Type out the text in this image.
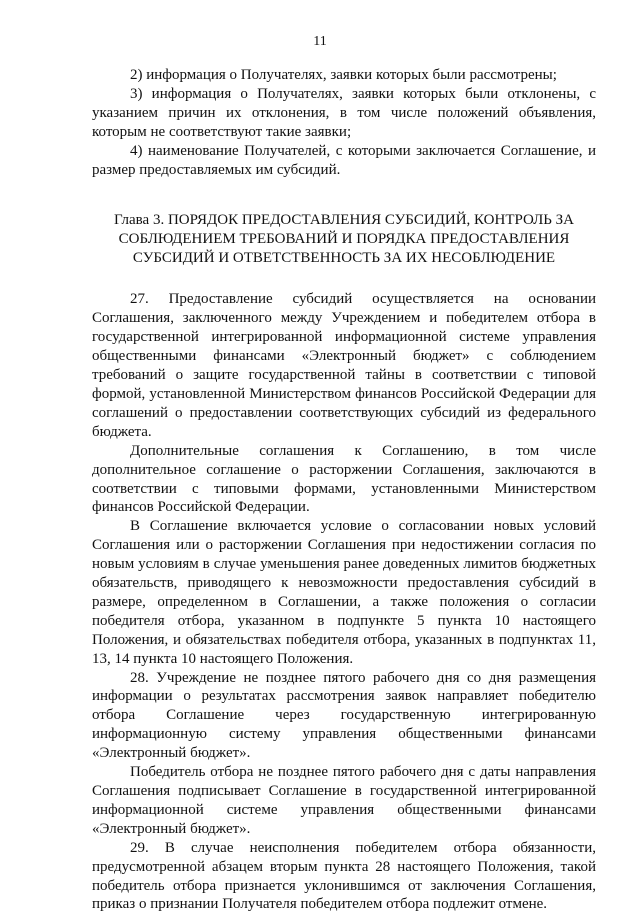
11

2) информация о Получателях, заявки которых были рассмотрены;

3) информация о Получателях, заявки которых были отклонены, с указанием причин их отклонения, в том числе положений объявления, которым не соответствуют такие заявки;

4) наименование Получателей, с которыми заключается Соглашение, и размер предоставляемых им субсидий.

Глава 3. ПОРЯДОК ПРЕДОСТАВЛЕНИЯ СУБСИДИЙ, КОНТРОЛЬ ЗА
СОБЛЮДЕНИЕМ ТРЕБОВАНИЙ И ПОРЯДКА ПРЕДОСТАВЛЕНИЯ
СУБСИДИЙ И ОТВЕТСТВЕННОСТЬ ЗА ИХ НЕСОБЛЮДЕНИЕ

27. Предоставление субсидий осуществляется на основании Соглашения, заключенного между Учреждением и победителем отбора в государственной интегрированной информационной системе управления общественными финансами «Электронный бюджет» с соблюдением требований о защите государственной тайны в соответствии с типовой формой, установленной Министерством финансов Российской Федерации для соглашений о предоставлении соответствующих субсидий из федерального бюджета.

Дополнительные соглашения к Соглашению, в том числе дополнительное соглашение о расторжении Соглашения, заключаются в соответствии с типовыми формами, установленными Министерством финансов Российской Федерации.

В Соглашение включается условие о согласовании новых условий Соглашения или о расторжении Соглашения при недостижении согласия по новым условиям в случае уменьшения ранее доведенных лимитов бюджетных обязательств, приводящего к невозможности предоставления субсидий в размере, определенном в Соглашении, а также положения о согласии победителя отбора, указанном в подпункте 5 пункта 10 настоящего Положения, и обязательствах победителя отбора, указанных в подпунктах 11, 13, 14 пункта 10 настоящего Положения.

28. Учреждение не позднее пятого рабочего дня со дня размещения информации о результатах рассмотрения заявок направляет победителю отбора Соглашение через государственную интегрированную информационную систему управления общественными финансами «Электронный бюджет».

Победитель отбора не позднее пятого рабочего дня с даты направления Соглашения подписывает Соглашение в государственной интегрированной информационной системе управления общественными финансами «Электронный бюджет».

29. В случае неисполнения победителем отбора обязанности, предусмотренной абзацем вторым пункта 28 настоящего Положения, такой победитель отбора признается уклонившимся от заключения Соглашения, приказ о признании Получателя победителем отбора подлежит отмене.
